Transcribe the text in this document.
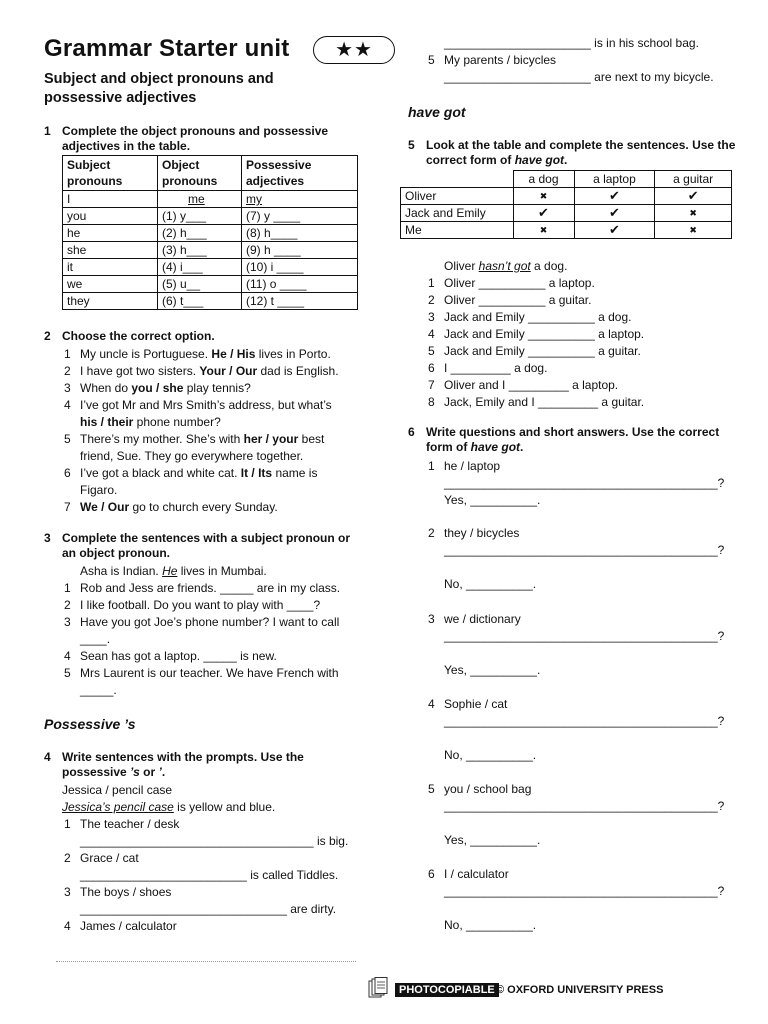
Grammar Starter unit	★★
Subject and object pronouns and possessive adjectives
1 Complete the object pronouns and possessive adjectives in the table.
Subject pronouns	Object pronouns	Possessive adjectives
I	me	my
you	(1) y___	(7) y ____
he	(2) h___	(8) h____
she	(3) h___	(9) h ____
it	(4) i___	(10) i ____
we	(5) u__	(11) o ____
they	(6) t___	(12) t ____
2 Choose the correct option.
1 My uncle is Portuguese. He / His lives in Porto.
2 I have got two sisters. Your / Our dad is English.
3 When do you / she play tennis?
4 I’ve got Mr and Mrs Smith’s address, but what’s
his / their phone number?
5 There’s my mother. She’s with her / your best
friend, Sue. They go everywhere together.
6 I’ve got a black and white cat. It / Its name is
Figaro.
7 We / Our go to church every Sunday.
3 Complete the sentences with a subject pronoun or an object pronoun.
Asha is Indian. He lives in Mumbai.
1 Rob and Jess are friends. _____ are in my class.
2 I like football. Do you want to play with ____?
3 Have you got Joe’s phone number? I want to call
____.
4 Sean has got a laptop. _____ is new.
5 Mrs Laurent is our teacher. We have French with
_____.
Possessive ’s
4 Write sentences with the prompts. Use the possessive ’s or ’.
Jessica / pencil case
Jessica’s pencil case is yellow and blue.
1 The teacher / desk
___________________________________ is big.
2 Grace / cat
_________________________ is called Tiddles.
3 The boys / shoes
_______________________________ are dirty.
4 James / calculator
______________________ is in his school bag.
5 My parents / bicycles
______________________ are next to my bicycle.
have got
5 Look at the table and complete the sentences. Use the correct form of have got.
	a dog	a laptop	a guitar
Oliver	✖	✔	✔
Jack and Emily	✔	✔	✖
Me	✖	✔	✖
Oliver hasn’t got a dog.
1 Oliver __________ a laptop.
2 Oliver __________ a guitar.
3 Jack and Emily __________ a dog.
4 Jack and Emily __________ a laptop.
5 Jack and Emily __________ a guitar.
6 I _________ a dog.
7 Oliver and I _________ a laptop.
8 Jack, Emily and I _________ a guitar.
6 Write questions and short answers. Use the correct form of have got.
1 he / laptop
_________________________________________?
Yes, __________.
2 they / bicycles
_________________________________________?
No, __________.
3 we / dictionary
_________________________________________?
Yes, __________.
4 Sophie / cat
_________________________________________?
No, __________.
5 you / school bag
_________________________________________?
Yes, __________.
6 I / calculator
_________________________________________?
No, __________.
PHOTOCOPIABLE © OXFORD UNIVERSITY PRESS
